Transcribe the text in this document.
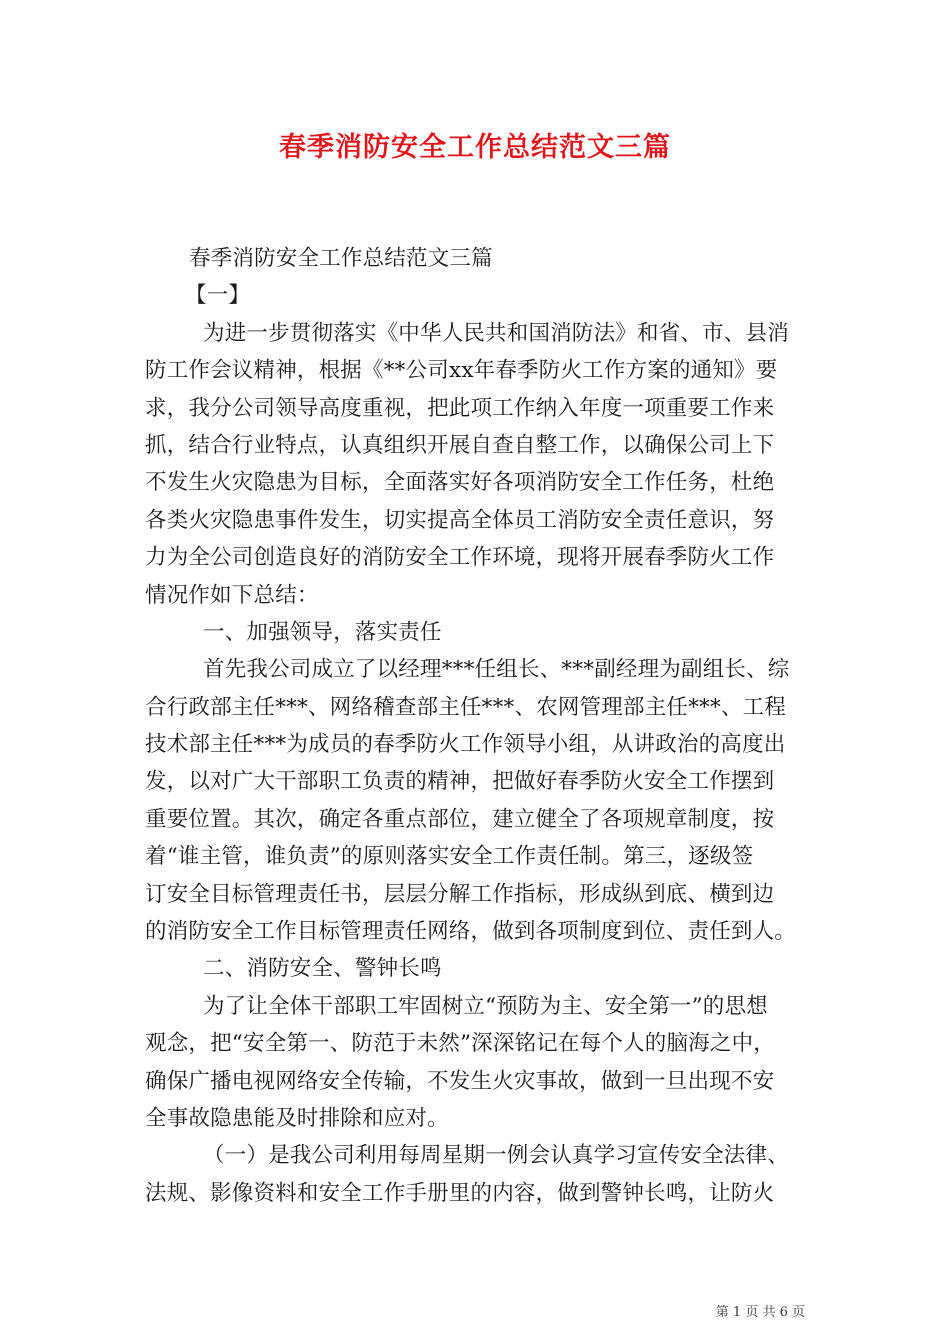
春季消防安全工作总结范文三篇
春季消防安全工作总结范文三篇
【一】
为进一步贯彻落实《中华人民共和国消防法》和省、市、县消
防工作会议精神，根据《**公司xx年春季防火工作方案的通知》要
求，我分公司领导高度重视，把此项工作纳入年度一项重要工作来
抓，结合行业特点，认真组织开展自查自整工作，以确保公司上下
不发生火灾隐患为目标，全面落实好各项消防安全工作任务，杜绝
各类火灾隐患事件发生，切实提高全体员工消防安全责任意识，努
力为全公司创造良好的消防安全工作环境，现将开展春季防火工作
情况作如下总结：
一、加强领导，落实责任
首先我公司成立了以经理***任组长、***副经理为副组长、综
合行政部主任***、网络稽查部主任***、农网管理部主任***、工程
技术部主任***为成员的春季防火工作领导小组，从讲政治的高度出
发，以对广大干部职工负责的精神，把做好春季防火安全工作摆到
重要位置。其次，确定各重点部位，建立健全了各项规章制度，按
着“谁主管，谁负责”的原则落实安全工作责任制。第三，逐级签
订安全目标管理责任书，层层分解工作指标，形成纵到底、横到边
的消防安全工作目标管理责任网络，做到各项制度到位、责任到人。
二、消防安全、警钟长鸣
为了让全体干部职工牢固树立“预防为主、安全第一”的思想
观念，把“安全第一、防范于未然”深深铭记在每个人的脑海之中，
确保广播电视网络安全传输，不发生火灾事故，做到一旦出现不安
全事故隐患能及时排除和应对。
（一）是我公司利用每周星期一例会认真学习宣传安全法律、
法规、影像资料和安全工作手册里的内容，做到警钟长鸣，让防火
第 1 页 共 6 页
